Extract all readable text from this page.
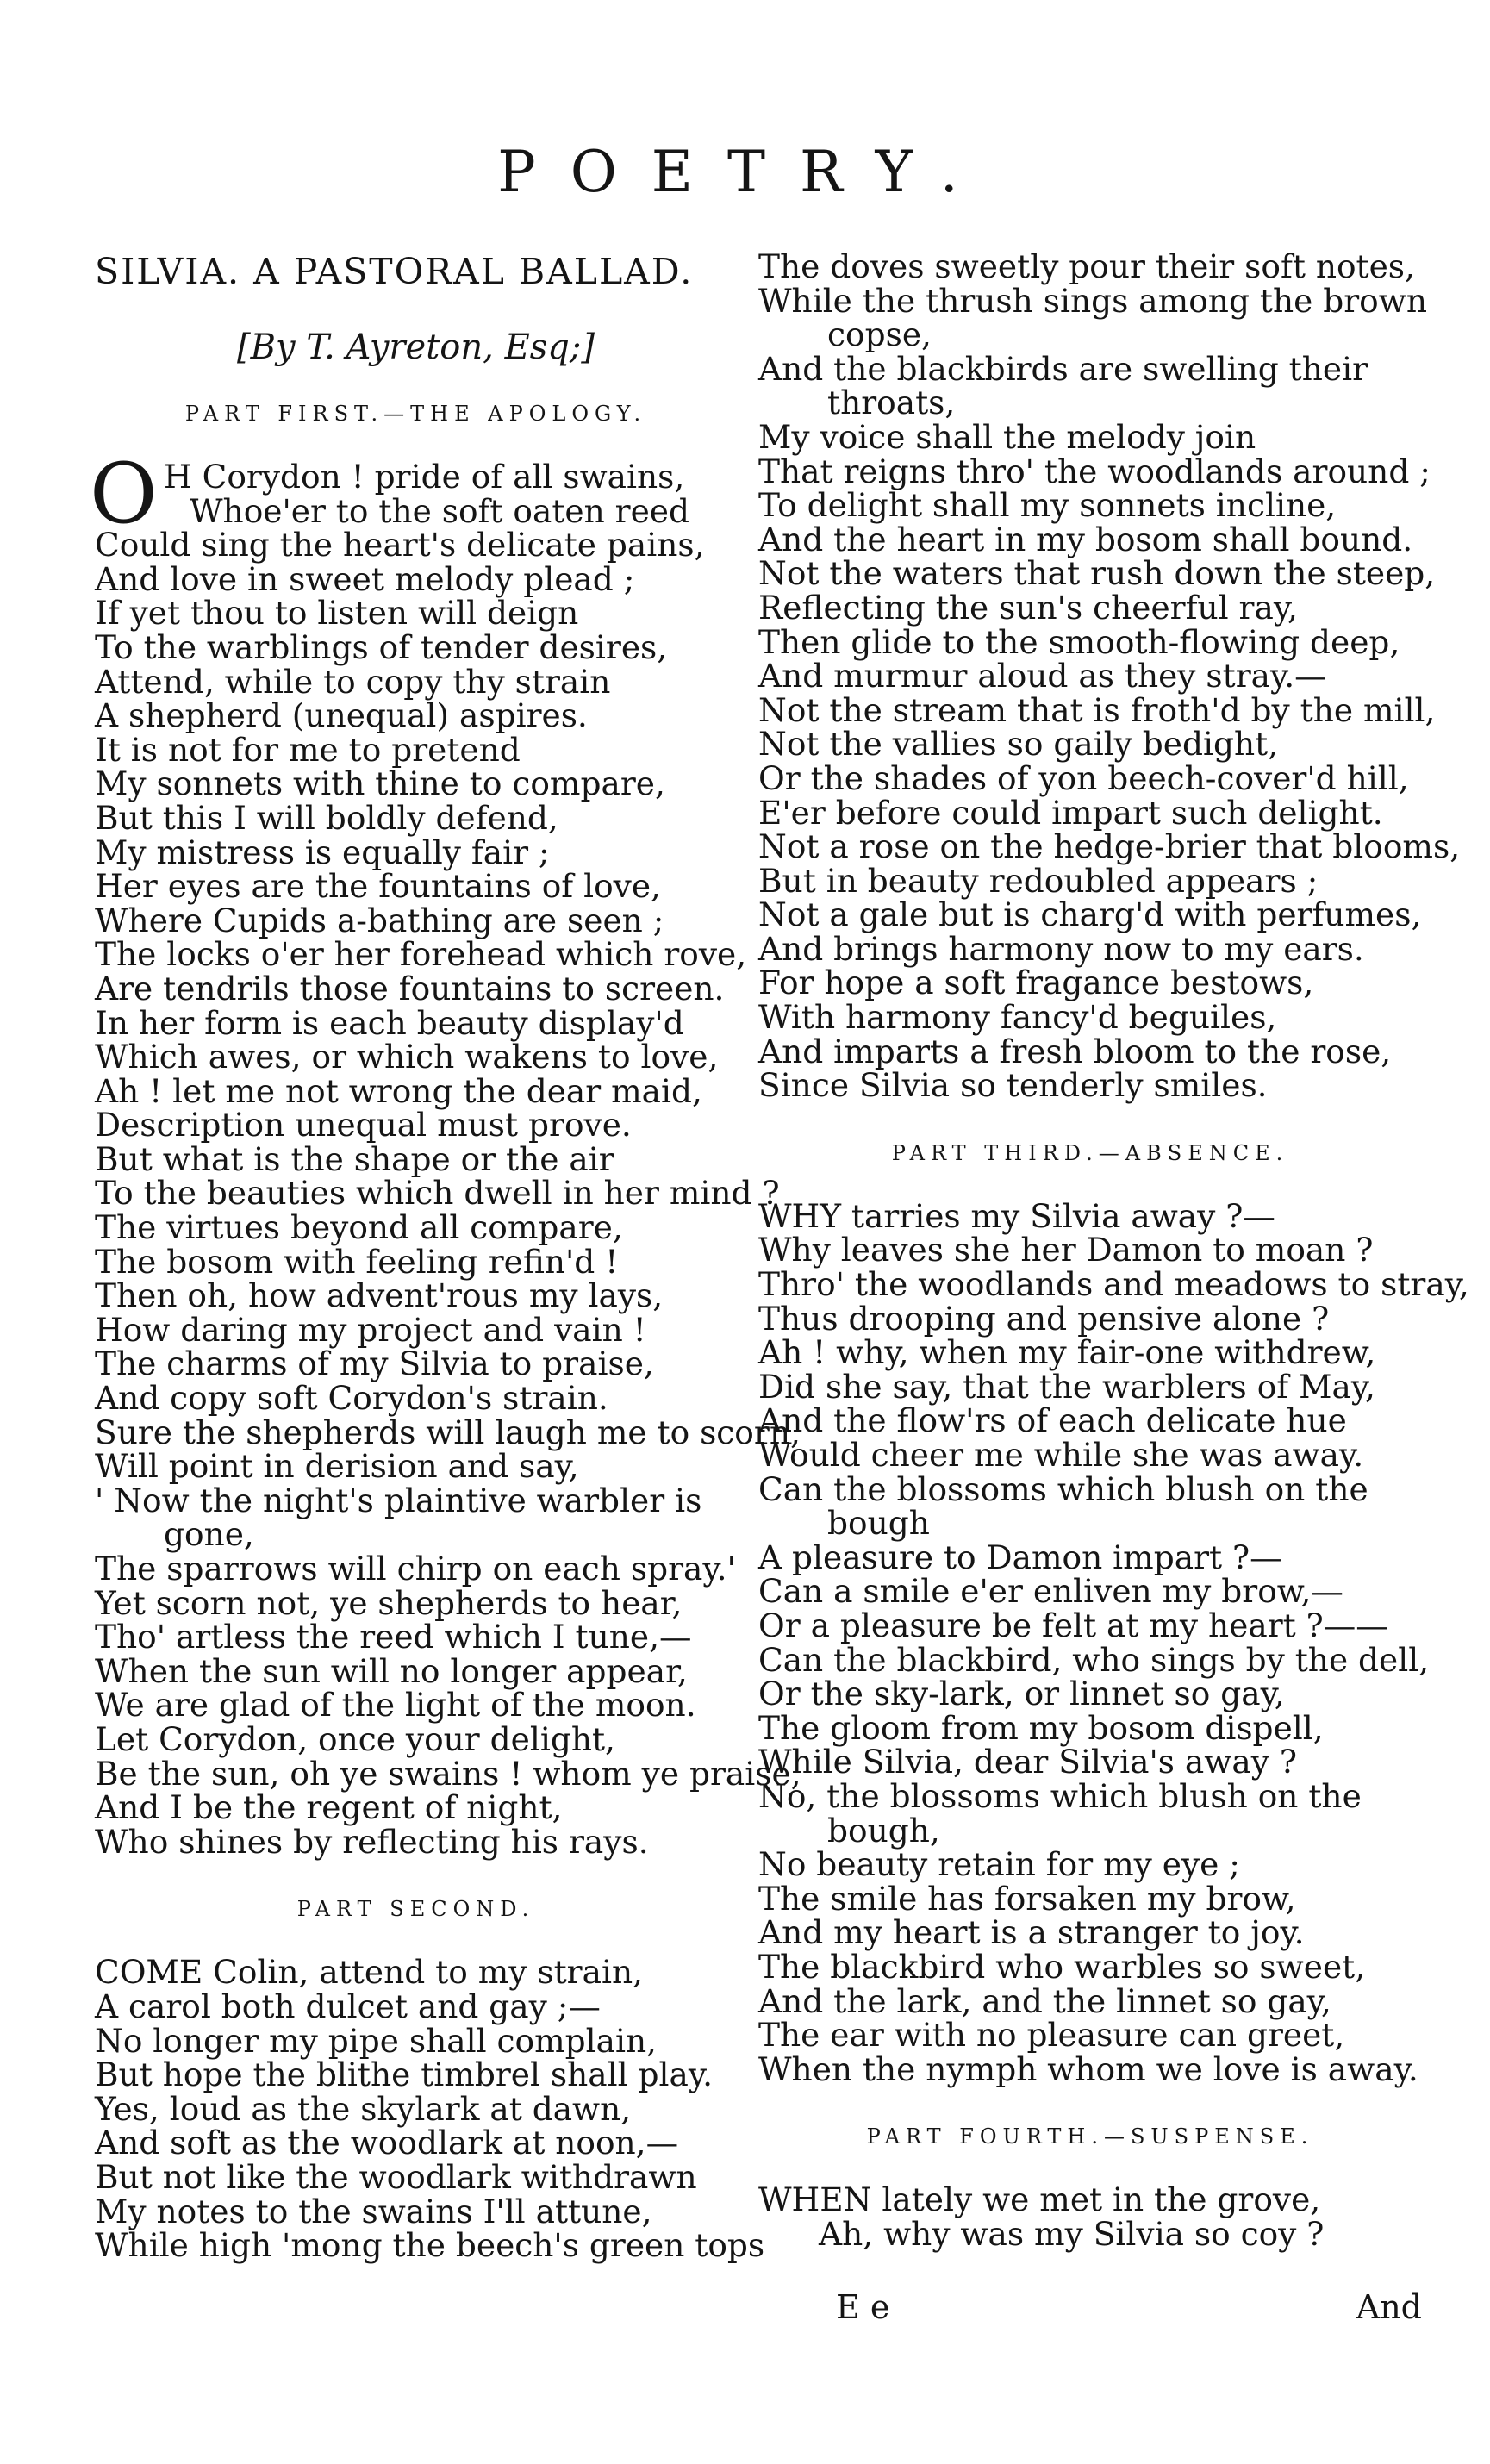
POETRY.
SILVIA. A PASTORAL BALLAD.
[By T. Ayreton, Esq;]
PART FIRST.—THE APOLOGY.
O H Corydon ! pride of all swains,
Whoe'er to the soft oaten reed
Could sing the heart's delicate pains,
And love in sweet melody plead ;
If yet thou to listen will deign
To the warblings of tender desires,
Attend, while to copy thy strain
A shepherd (unequal) aspires.
It is not for me to pretend
My sonnets with thine to compare,
But this I will boldly defend,
My mistress is equally fair ;
Her eyes are the fountains of love,
Where Cupids a-bathing are seen ;
The locks o'er her forehead which rove,
Are tendrils those fountains to screen.
In her form is each beauty display'd
Which awes, or which wakens to love,
Ah ! let me not wrong the dear maid,
Description unequal must prove.
But what is the shape or the air
To the beauties which dwell in her mind ?
The virtues beyond all compare,
The bosom with feeling refin'd !
Then oh, how advent'rous my lays,
How daring my project and vain !
The charms of my Silvia to praise,
And copy soft Corydon's strain.
Sure the shepherds will laugh me to scorn,
Will point in derision and say,
' Now the night's plaintive warbler is
gone,
The sparrows will chirp on each spray.'
Yet scorn not, ye shepherds to hear,
Tho' artless the reed which I tune,—
When the sun will no longer appear,
We are glad of the light of the moon.
Let Corydon, once your delight,
Be the sun, oh ye swains ! whom ye praise,
And I be the regent of night,
Who shines by reflecting his rays.
PART SECOND.
COME Colin, attend to my strain,
A carol both dulcet and gay ;—
No longer my pipe shall complain,
But hope the blithe timbrel shall play.
Yes, loud as the skylark at dawn,
And soft as the woodlark at noon,—
But not like the woodlark withdrawn
My notes to the swains I'll attune,
While high 'mong the beech's green tops
The doves sweetly pour their soft notes,
While the thrush sings among the brown
copse,
And the blackbirds are swelling their
throats,
My voice shall the melody join
That reigns thro' the woodlands around ;
To delight shall my sonnets incline,
And the heart in my bosom shall bound.
Not the waters that rush down the steep,
Reflecting the sun's cheerful ray,
Then glide to the smooth-flowing deep,
And murmur aloud as they stray.—
Not the stream that is froth'd by the mill,
Not the vallies so gaily bedight,
Or the shades of yon beech-cover'd hill,
E'er before could impart such delight.
Not a rose on the hedge-brier that blooms,
But in beauty redoubled appears ;
Not a gale but is charg'd with perfumes,
And brings harmony now to my ears.
For hope a soft fragance bestows,
With harmony fancy'd beguiles,
And imparts a fresh bloom to the rose,
Since Silvia so tenderly smiles.
PART THIRD.—ABSENCE.
WHY tarries my Silvia away ?—
Why leaves she her Damon to moan ?
Thro' the woodlands and meadows to stray,
Thus drooping and pensive alone ?
Ah ! why, when my fair-one withdrew,
Did she say, that the warblers of May,
And the flow'rs of each delicate hue
Would cheer me while she was away.
Can the blossoms which blush on the
bough
A pleasure to Damon impart ?—
Can a smile e'er enliven my brow,—
Or a pleasure be felt at my heart ?——
Can the blackbird, who sings by the dell,
Or the sky-lark, or linnet so gay,
The gloom from my bosom dispell,
While Silvia, dear Silvia's away ?
No, the blossoms which blush on the
bough,
No beauty retain for my eye ;
The smile has forsaken my brow,
And my heart is a stranger to joy.
The blackbird who warbles so sweet,
And the lark, and the linnet so gay,
The ear with no pleasure can greet,
When the nymph whom we love is away.
PART FOURTH.—SUSPENSE.
WHEN lately we met in the grove,
Ah, why was my Silvia so coy ?
E e	And
